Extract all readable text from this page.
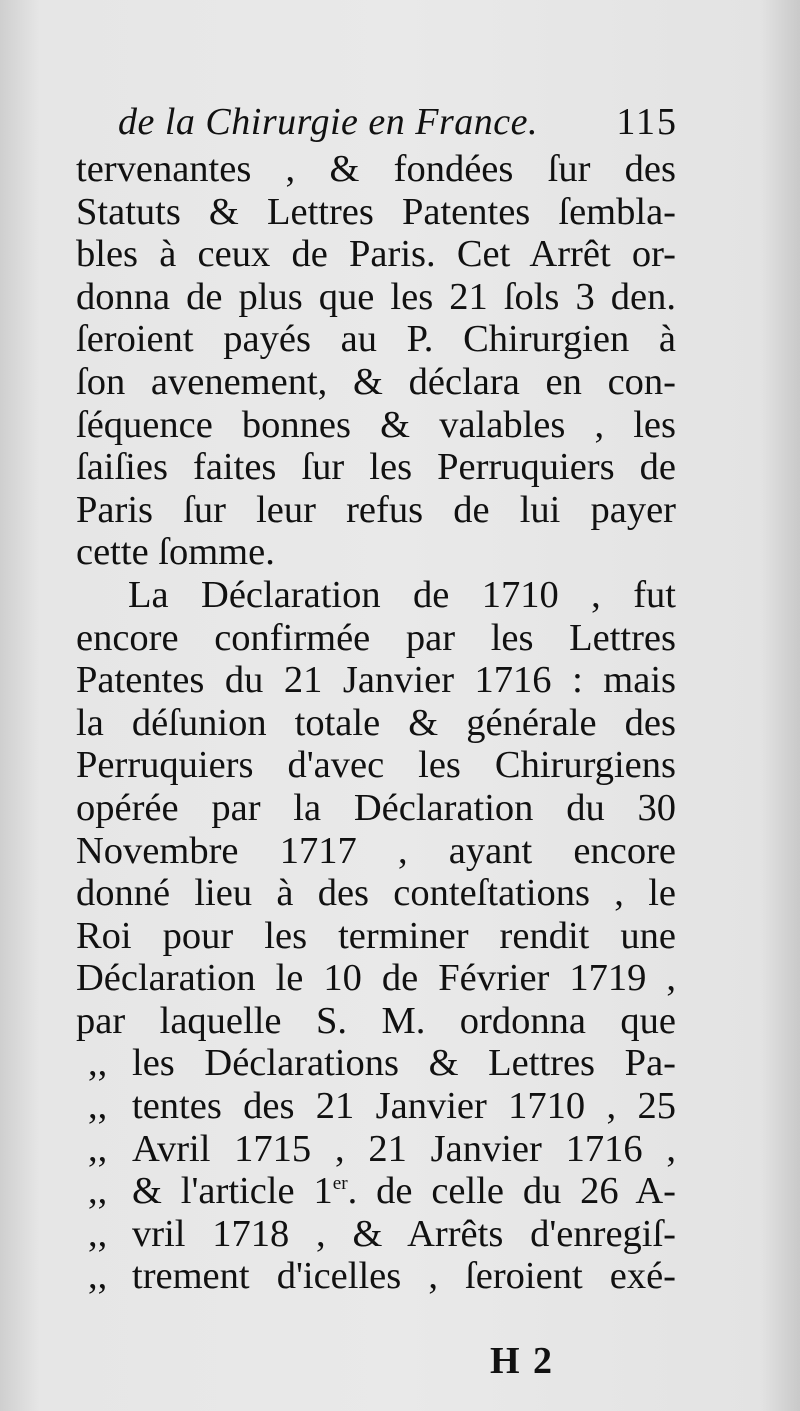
de la Chirurgie en France. 115
tervenantes , & fondées ſur des
Statuts & Lettres Patentes ſembla-
bles à ceux de Paris. Cet Arrêt or-
donna de plus que les 21 ſols 3 den.
ſeroient payés au P. Chirurgien à
ſon avenement, & déclara en con-
ſéquence bonnes & valables , les
ſaiſies faites ſur les Perruquiers de
Paris ſur leur refus de lui payer
cette ſomme.
La Déclaration de 1710 , fut
encore confirmée par les Lettres
Patentes du 21 Janvier 1716 : mais
la déſunion totale & générale des
Perruquiers d'avec les Chirurgiens
opérée par la Déclaration du 30
Novembre 1717 , ayant encore
donné lieu à des conteſtations , le
Roi pour les terminer rendit une
Déclaration le 10 de Février 1719 ,
par laquelle S. M. ordonna que
,, les Déclarations & Lettres Pa-
,, tentes des 21 Janvier 1710 , 25
,, Avril 1715 , 21 Janvier 1716 ,
,, & l'article 1er. de celle du 26 A-
,, vril 1718 , & Arrêts d'enregiſ-
,, trement d'icelles , ſeroient exé-
H 2
